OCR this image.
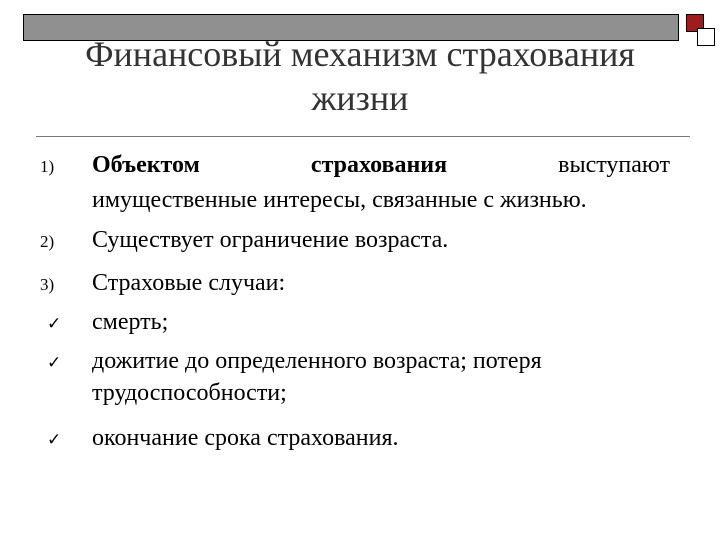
Финансовый механизм страхования
жизни
1)	Объектом	страхования	выступают
имущественные интересы, связанные с жизнью.
2)	Существует ограничение возраста.
3)	Страховые случаи:
✓	смерть;
✓	дожитие до определенного возраста; потеря
трудоспособности;
✓	окончание срока страхования.
